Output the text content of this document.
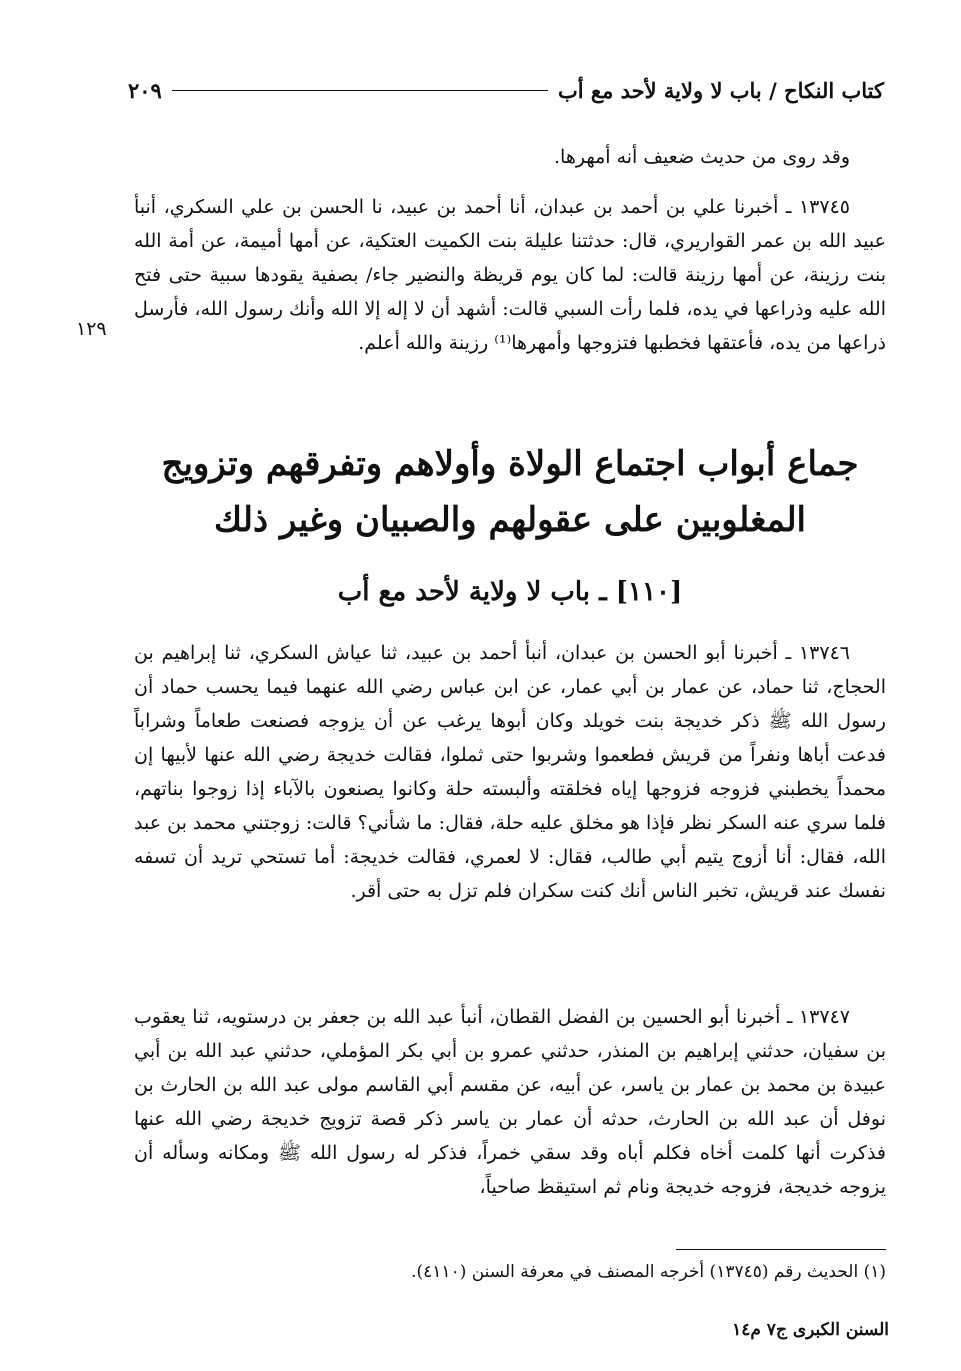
كتاب النكاح / باب لا ولاية لأحد مع أب
٢٠٩

وقد روى من حديث ضعيف أنه أمهرها.

١٣٧٤٥ ـ أخبرنا علي بن أحمد بن عبدان، أنا أحمد بن عبيد، نا الحسن بن علي السكري، أنبأ عبيد الله بن عمر القواريري، قال: حدثتنا عليلة بنت الكميت العتكية، عن أمها أميمة، عن أمة الله بنت رزينة، عن أمها رزينة قالت: لما كان يوم قريظة والنضير جاء/ بصفية يقودها سبية حتى فتح الله عليه وذراعها في يده، فلما رأت السبي قالت: أشهد أن لا إله إلا الله وأنك رسول الله، فأرسل ذراعها من يده، فأعتقها فخطبها فتزوجها وأمهرها⁽¹⁾ رزينة والله أعلم.

١٢٩
جماع أبواب اجتماع الولاة وأولاهم وتفرقهم وتزويج المغلوبين على عقولهم والصبيان وغير ذلك
[١١٠] ـ باب لا ولاية لأحد مع أب

١٣٧٤٦ ـ أخبرنا أبو الحسن بن عبدان، أنبأ أحمد بن عبيد، ثنا عياش السكري، ثنا إبراهيم بن الحجاج، ثنا حماد، عن عمار بن أبي عمار، عن ابن عباس رضي الله عنهما فيما يحسب حماد أن رسول الله ﷺ ذكر خديجة بنت خويلد وكان أبوها يرغب عن أن يزوجه فصنعت طعاماً وشراباً فدعت أباها ونفراً من قريش فطعموا وشربوا حتى ثملوا، فقالت خديجة رضي الله عنها لأبيها إن محمداً يخطبني فزوجه فزوجها إياه فخلقته وألبسته حلة وكانوا يصنعون بالآباء إذا زوجوا بناتهم، فلما سري عنه السكر نظر فإذا هو مخلق عليه حلة، فقال: ما شأني؟ قالت: زوجتني محمد بن عبد الله، فقال: أنا أزوج يتيم أبي طالب، فقال: لا لعمري، فقالت خديجة: أما تستحي تريد أن تسفه نفسك عند قريش، تخبر الناس أنك كنت سكران فلم تزل به حتى أقر.

١٣٧٤٧ ـ أخبرنا أبو الحسين بن الفضل القطان، أنبأ عبد الله بن جعفر بن درستويه، ثنا يعقوب بن سفيان، حدثني إبراهيم بن المنذر، حدثني عمرو بن أبي بكر المؤملي، حدثني عبد الله بن أبي عبيدة بن محمد بن عمار بن ياسر، عن أبيه، عن مقسم أبي القاسم مولى عبد الله بن الحارث بن نوفل أن عبد الله بن الحارث، حدثه أن عمار بن ياسر ذكر قصة تزويج خديجة رضي الله عنها فذكرت أنها كلمت أخاه فكلم أباه وقد سقي خمراً، فذكر له رسول الله ﷺ ومكانه وسأله أن يزوجه خديجة، فزوجه خديجة ونام ثم استيقظ صاحياً،

(١) الحديث رقم (١٣٧٤٥) أخرجه المصنف في معرفة السنن (٤١١٠).
السنن الكبرى ج٧ م١٤
